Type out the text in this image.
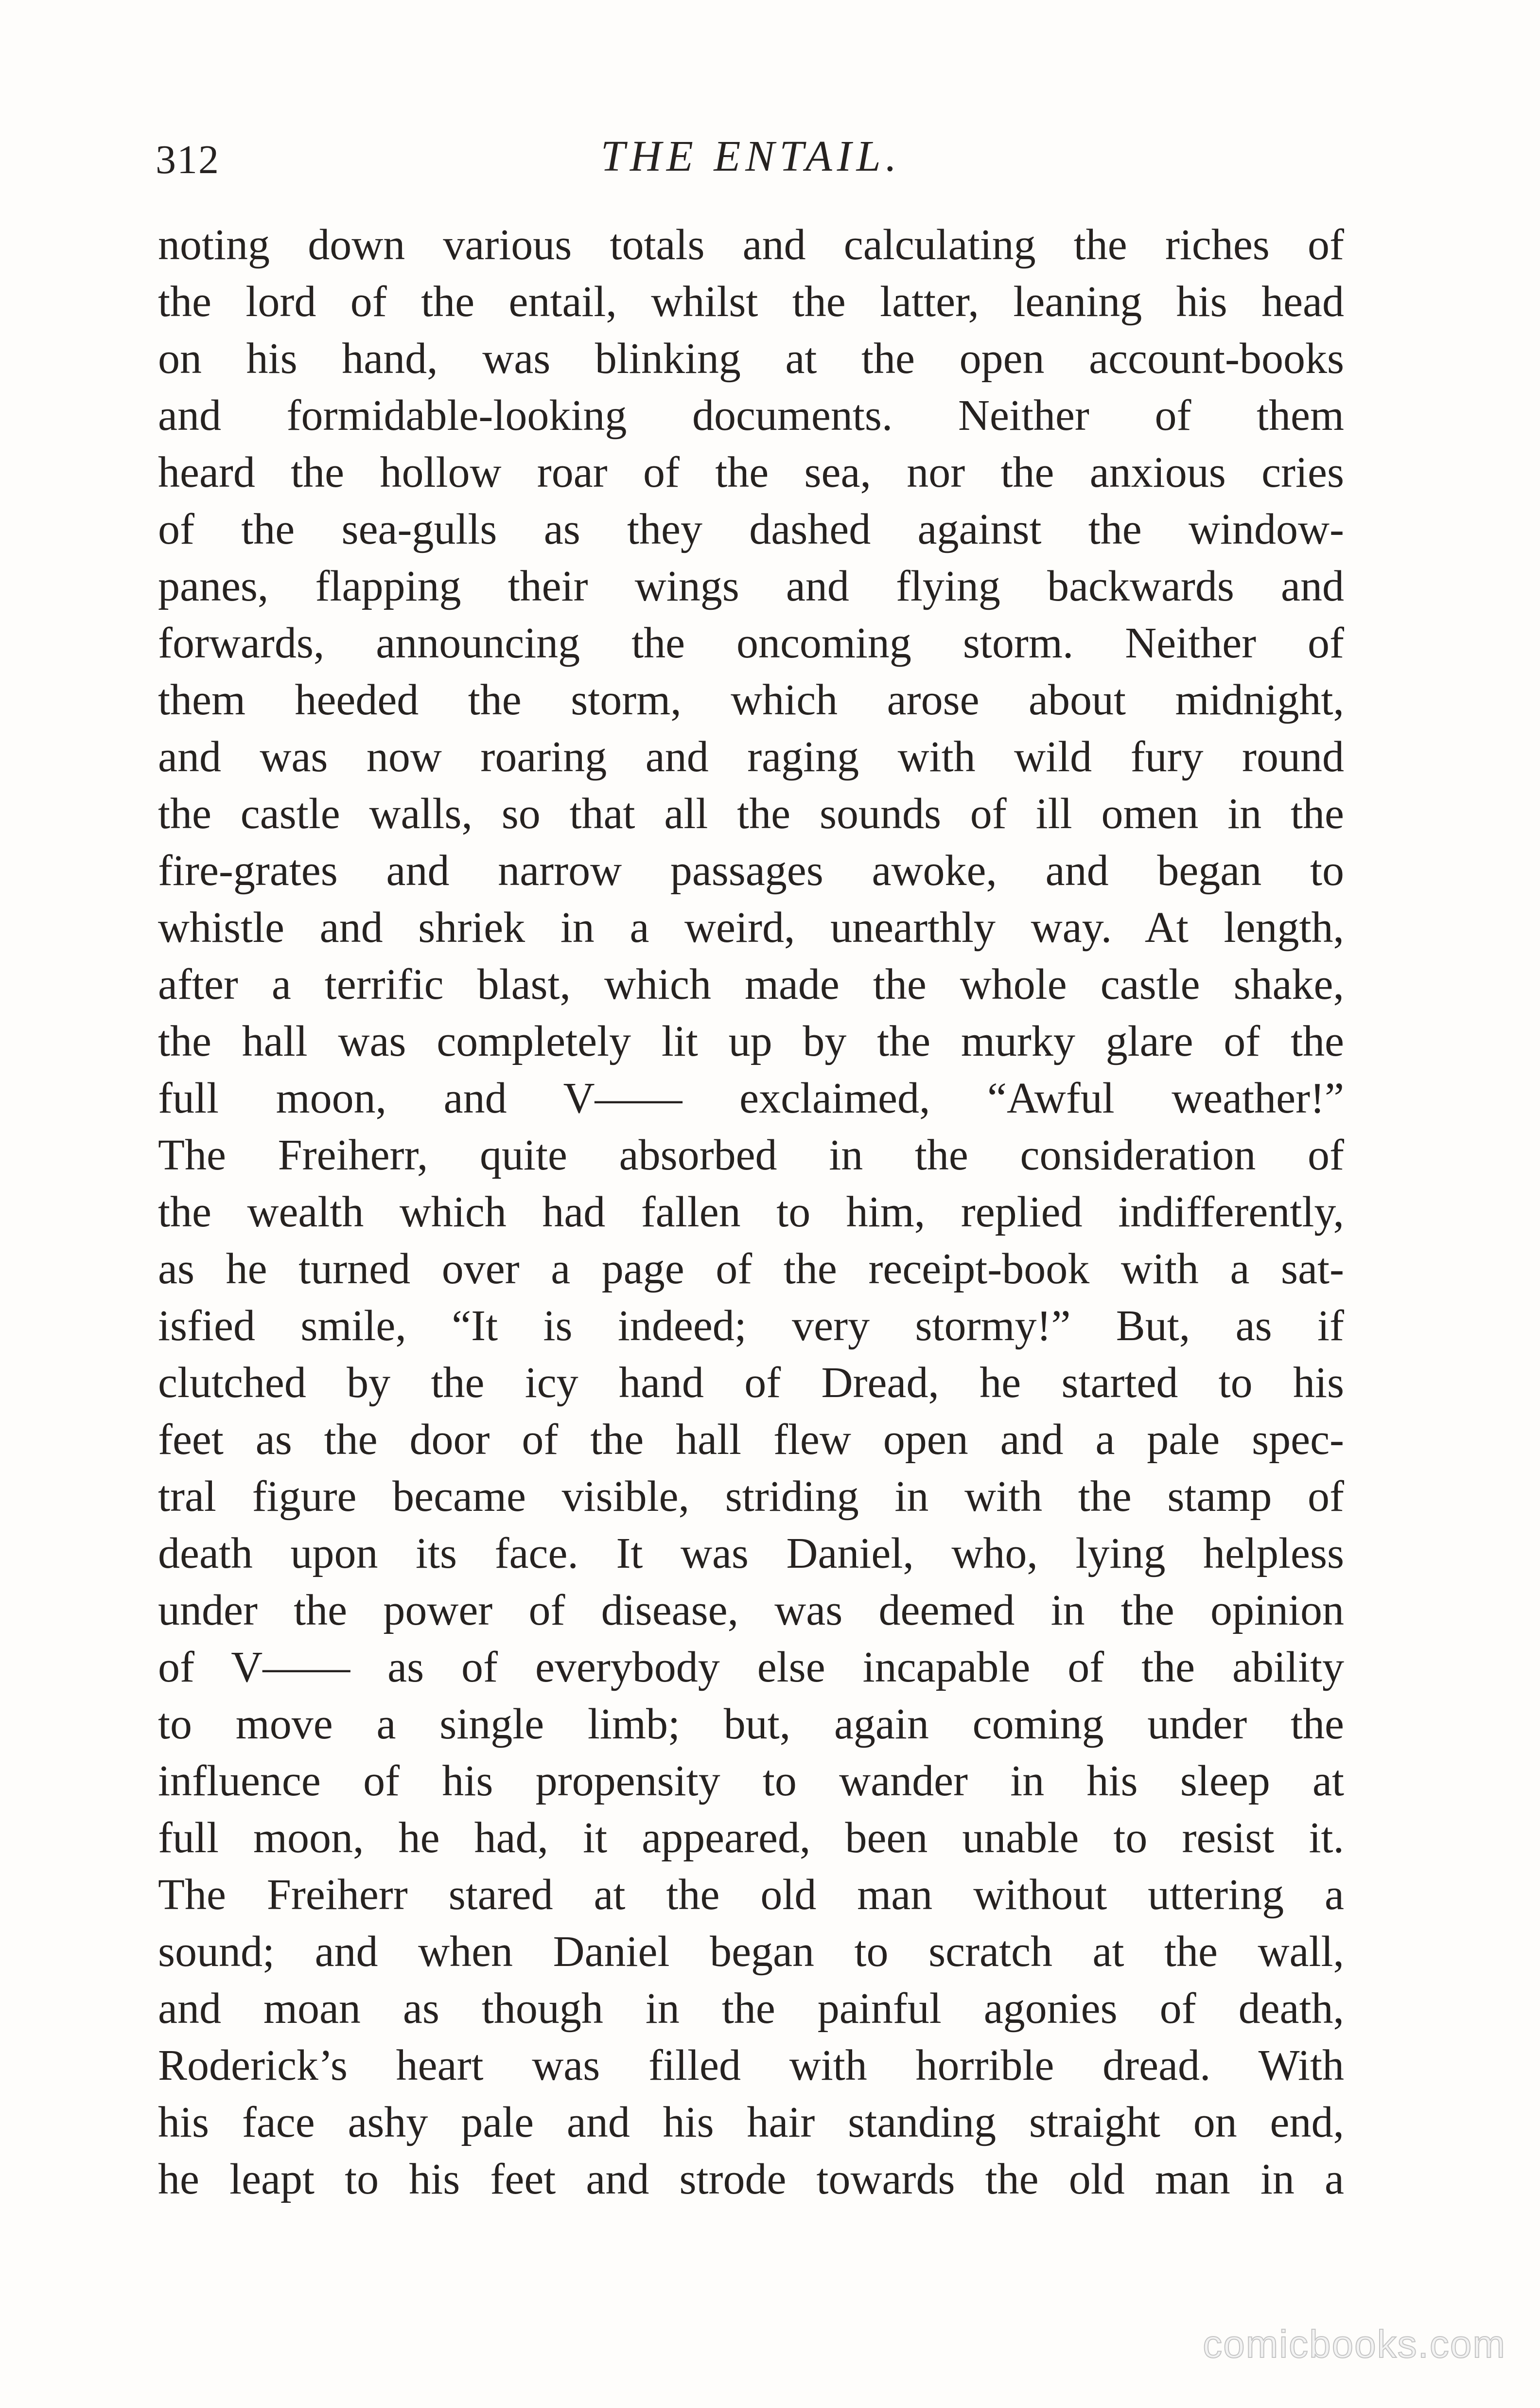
312	THE ENTAIL.
noting down various totals and calculating the riches of
the lord of the entail, whilst the latter, leaning his head
on his hand, was blinking at the open account-books
and formidable-looking documents. Neither of them
heard the hollow roar of the sea, nor the anxious cries
of the sea-gulls as they dashed against the window-
panes, flapping their wings and flying backwards and
forwards, announcing the oncoming storm. Neither of
them heeded the storm, which arose about midnight,
and was now roaring and raging with wild fury round
the castle walls, so that all the sounds of ill omen in the
fire-grates and narrow passages awoke, and began to
whistle and shriek in a weird, unearthly way. At length,
after a terrific blast, which made the whole castle shake,
the hall was completely lit up by the murky glare of the
full moon, and V—— exclaimed, “Awful weather!”
The Freiherr, quite absorbed in the consideration of
the wealth which had fallen to him, replied indifferently,
as he turned over a page of the receipt-book with a sat-
isfied smile, “It is indeed; very stormy!” But, as if
clutched by the icy hand of Dread, he started to his
feet as the door of the hall flew open and a pale spec-
tral figure became visible, striding in with the stamp of
death upon its face. It was Daniel, who, lying helpless
under the power of disease, was deemed in the opinion
of V—— as of everybody else incapable of the ability
to move a single limb; but, again coming under the
influence of his propensity to wander in his sleep at
full moon, he had, it appeared, been unable to resist it.
The Freiherr stared at the old man without uttering a
sound; and when Daniel began to scratch at the wall,
and moan as though in the painful agonies of death,
Roderick’s heart was filled with horrible dread. With
his face ashy pale and his hair standing straight on end,
he leapt to his feet and strode towards the old man in a
comicbooks.com
